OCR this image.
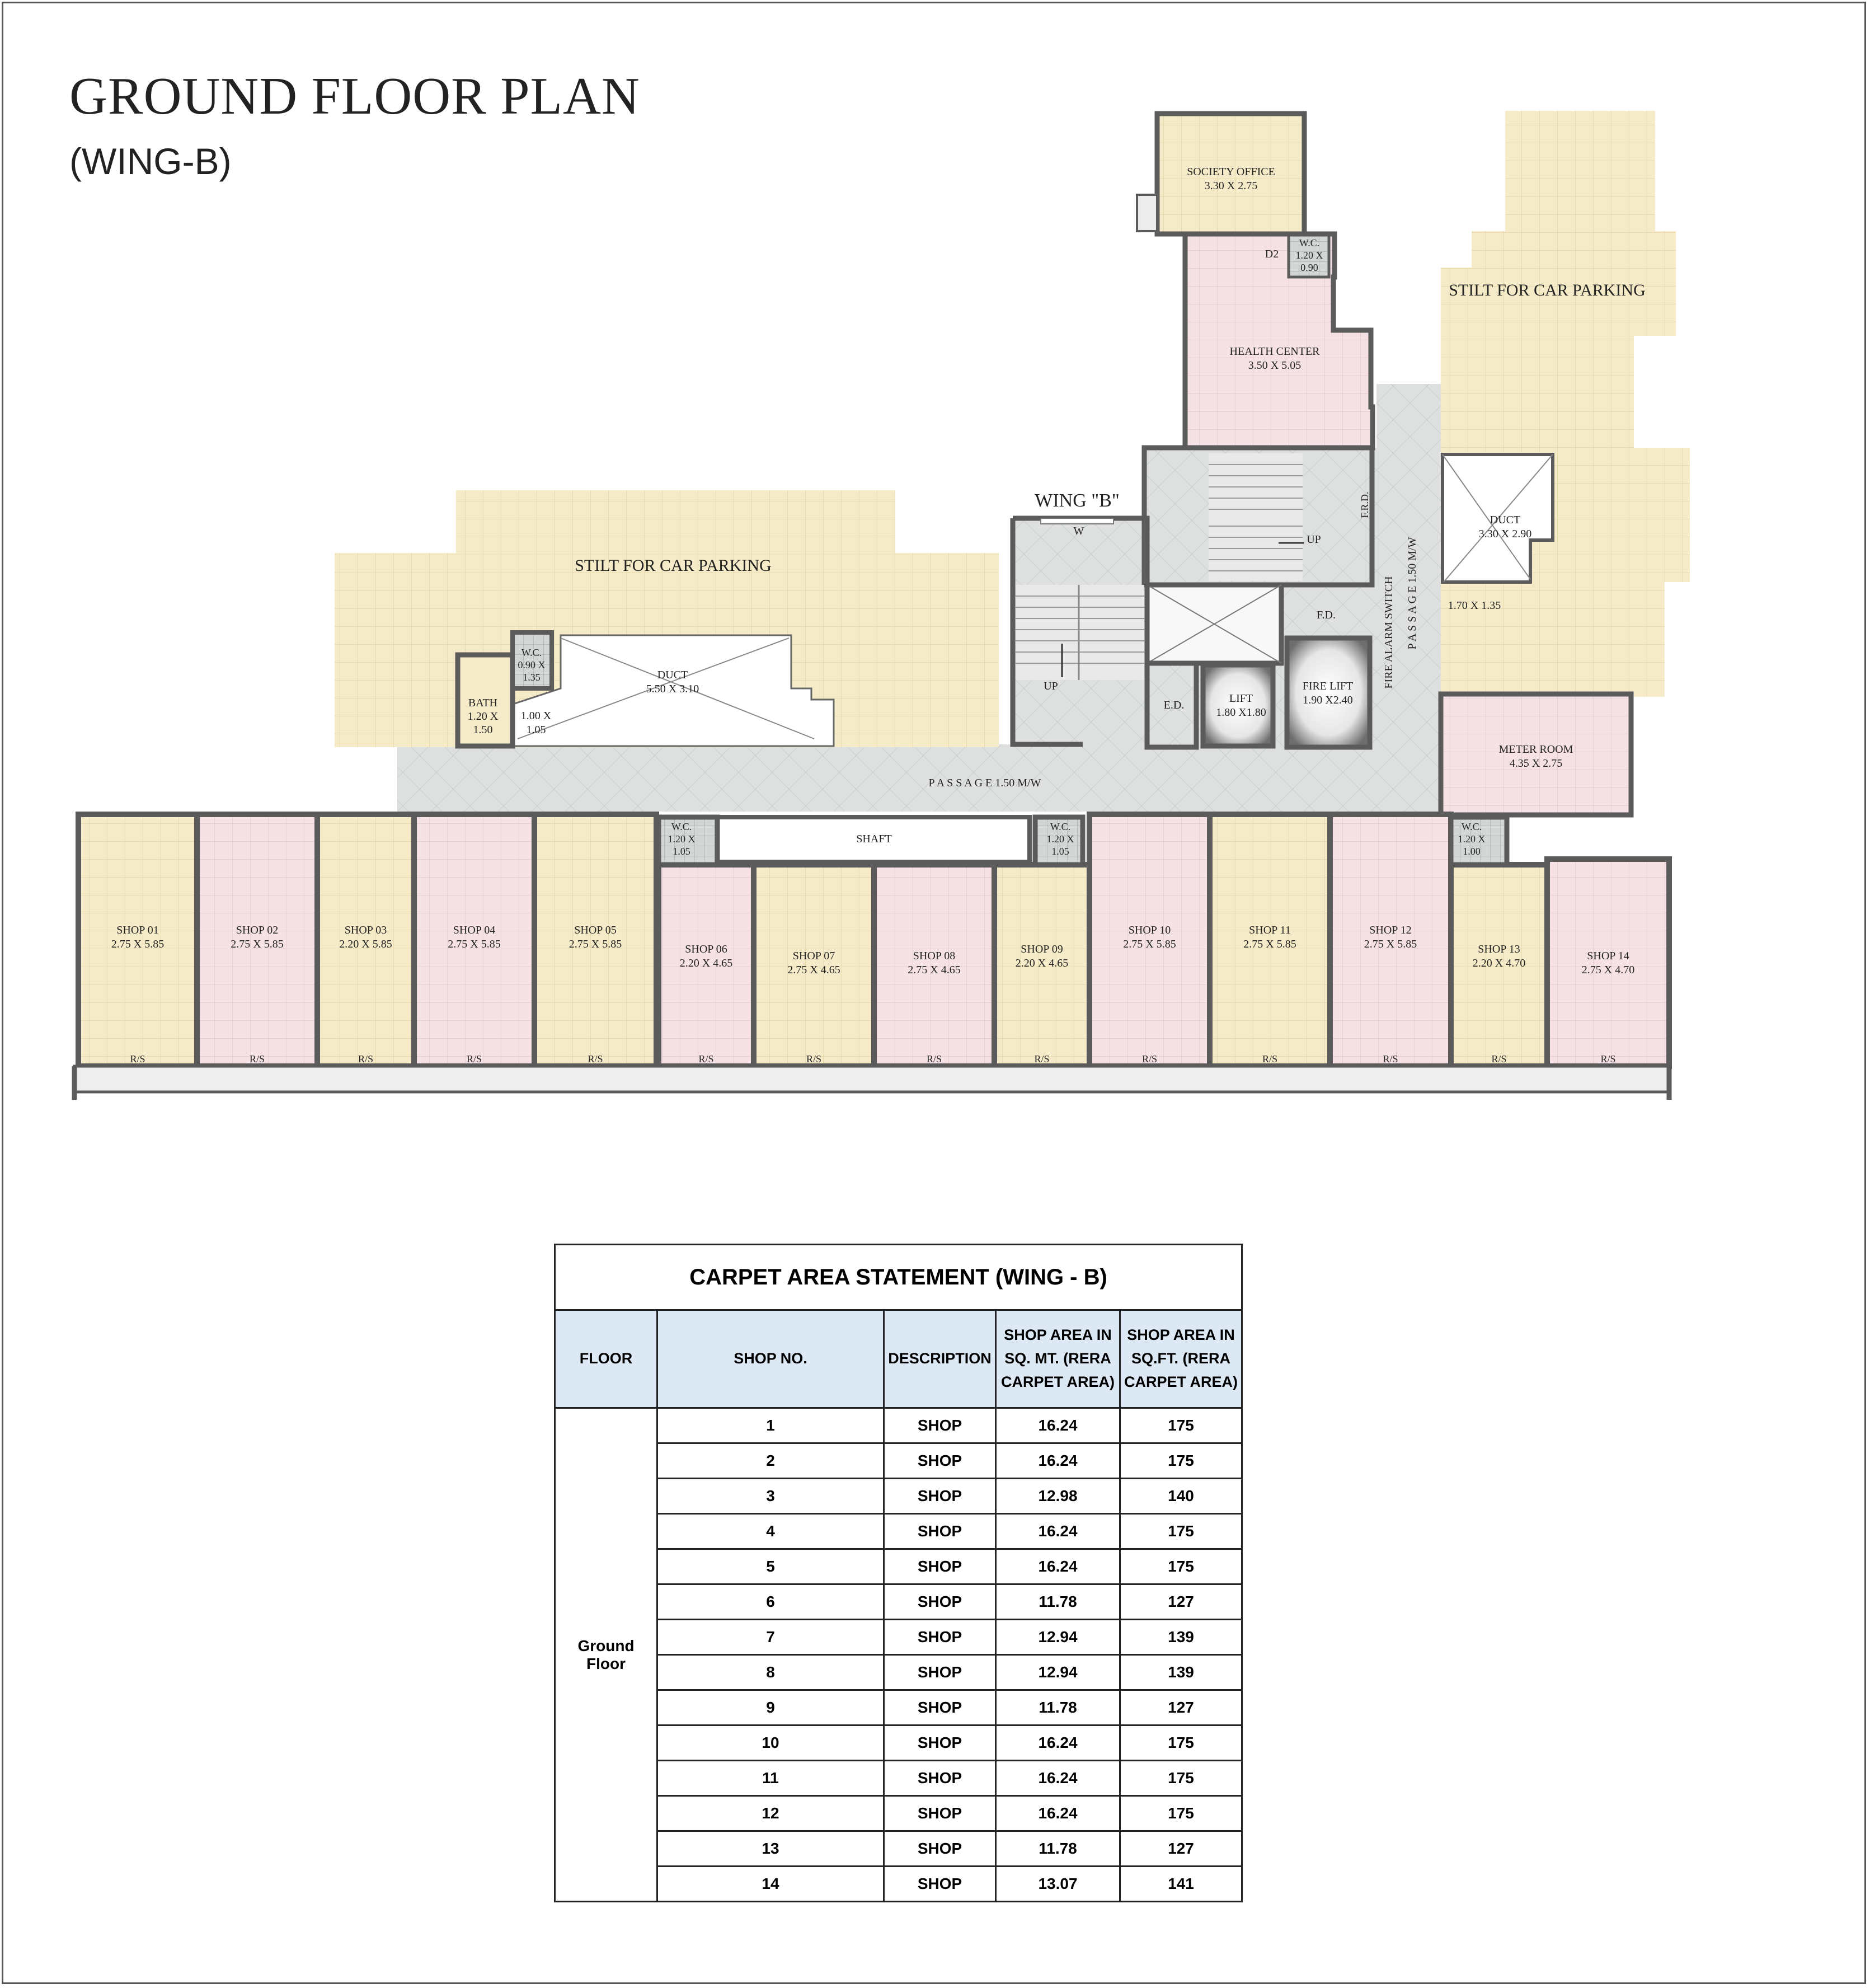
GROUND FLOOR PLAN
(WING-B)
STILT FOR CAR PARKING
STILT FOR CAR PARKING
WING "B"
W
SOCIETY OFFICE
3.30 X 2.75
HEALTH CENTER
3.50 X 5.05
D2
W.C.
1.20 X
0.90
DUCT
5.50 X 3.10
DUCT
3.30 X 2.90
1.70 X 1.35
W.C.
0.90 X
1.35
BATH
1.20 X
1.50
1.00 X
1.05
METER ROOM
4.35 X 2.75
LIFT
1.80 X1.80
FIRE LIFT
1.90 X2.40
E.D.
F.D.
F.R.D.
UP
UP
FIRE ALARM SWITCH P A S S A G E 1.50 M/W
P A S S A G E 1.50 M/W
SHAFT
W.C.
1.20 X
1.05
W.C.
1.20 X
1.05
W.C.
1.20 X
1.00
SHOP 01
2.75 X 5.85
R/S
SHOP 02
2.75 X 5.85
R/S
SHOP 03
2.20 X 5.85
R/S
SHOP 04
2.75 X 5.85
R/S
SHOP 05
2.75 X 5.85
R/S
SHOP 06
2.20 X 4.65
R/S
SHOP 07
2.75 X 4.65
R/S
SHOP 08
2.75 X 4.65
R/S
SHOP 09
2.20 X 4.65
R/S
SHOP 10
2.75 X 5.85
R/S
SHOP 11
2.75 X 5.85
R/S
SHOP 12
2.75 X 5.85
R/S
SHOP 13
2.20 X 4.70
R/S
SHOP 14
2.75 X 4.70
R/S
CARPET AREA STATEMENT (WING - B)				
FLOOR	SHOP NO.	DESCRIPTION	SHOP AREA IN
SQ. MT. (RERA
CARPET AREA)	SHOP AREA IN
SQ.FT. (RERA
CARPET AREA)
Ground Floor	1	SHOP	16.24	175
	2	SHOP	16.24	175
	3	SHOP	12.98	140
	4	SHOP	16.24	175
	5	SHOP	16.24	175
	6	SHOP	11.78	127
	7	SHOP	12.94	139
	8	SHOP	12.94	139
	9	SHOP	11.78	127
	10	SHOP	16.24	175
	11	SHOP	16.24	175
	12	SHOP	16.24	175
	13	SHOP	11.78	127
	14	SHOP	13.07	141
